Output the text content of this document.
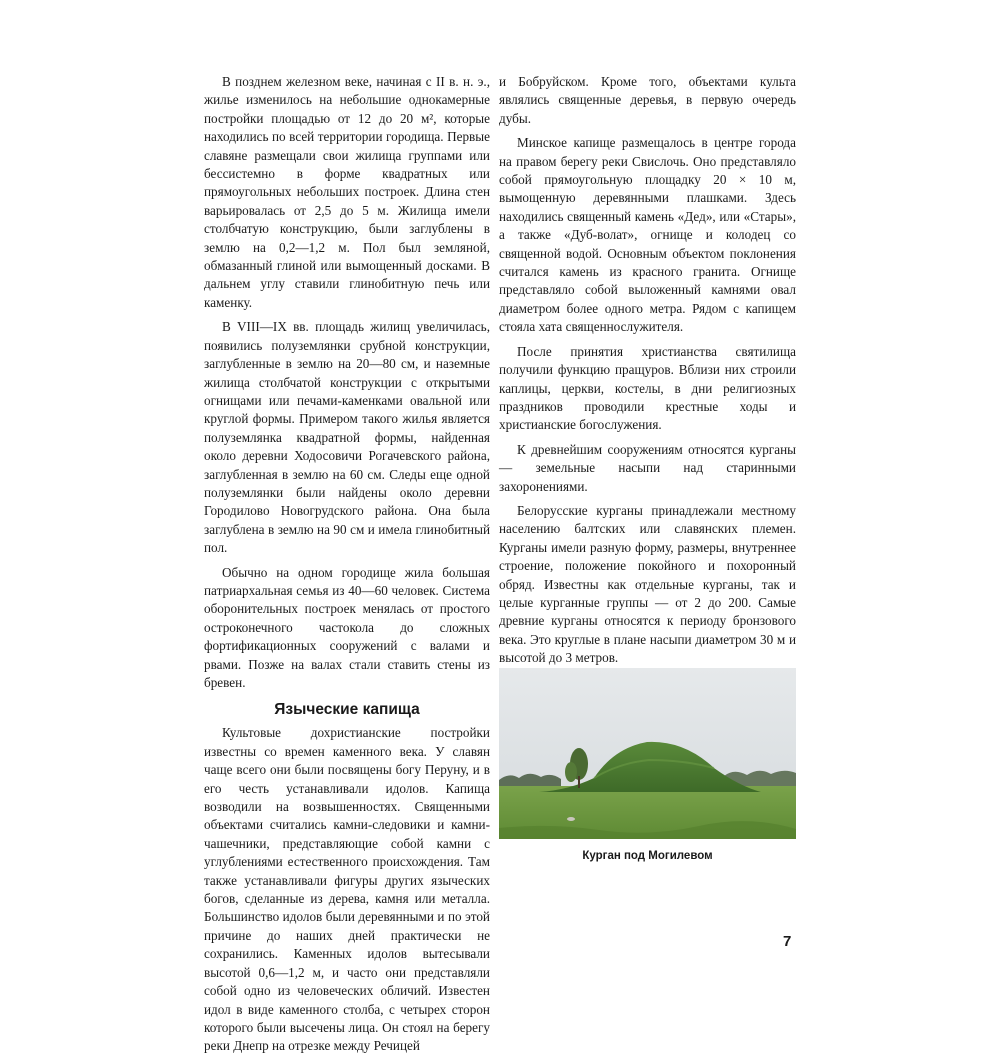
В позднем железном веке, начиная с II в. н. э., жилье изменилось на небольшие однокамерные постройки площадью от 12 до 20 м², которые находились по всей территории городища. Первые славяне размещали свои жилища группами или бессистемно в форме квадратных или прямоугольных небольших построек. Длина стен варьировалась от 2,5 до 5 м. Жилища имели столбчатую конструкцию, были заглублены в землю на 0,2—1,2 м. Пол был земляной, обмазанный глиной или вымощенный досками. В дальнем углу ставили глинобитную печь или каменку.

В VIII—IX вв. площадь жилищ увеличилась, появились полуземлянки срубной конструкции, заглубленные в землю на 20—80 см, и наземные жилища столбчатой конструкции с открытыми огнищами или печами-каменками овальной или круглой формы. Примером такого жилья является полуземлянка квадратной формы, найденная около деревни Ходосовичи Рогачевского района, заглубленная в землю на 60 см. Следы еще одной полуземлянки были найдены около деревни Городилово Новогрудского района. Она была заглублена в землю на 90 см и имела глинобитный пол.

Обычно на одном городище жила большая патриархальная семья из 40—60 человек. Система оборонительных построек менялась от простого остроконечного частокола до сложных фортификационных сооружений с валами и рвами. Позже на валах стали ставить стены из бревен.

Языческие капища

Культовые дохристианские постройки известны со времен каменного века. У славян чаще всего они были посвящены богу Перуну, и в его честь устанавливали идолов. Капища возводили на возвышенностях. Священными объектами считались камни-следовики и камни-чашечники, представляющие собой камни с углублениями естественного происхождения. Там также устанавливали фигуры других языческих богов, сделанные из дерева, камня или металла. Большинство идолов были деревянными и по этой причине до наших дней практически не сохранились. Каменных идолов вытесывали высотой 0,6—1,2 м, и часто они представляли собой одно из человеческих обличий. Известен идол в виде каменного столба, с четырех сторон которого были высечены лица. Он стоял на берегу реки Днепр на отрезке между Речицей

и Бобруйском. Кроме того, объектами культа являлись священные деревья, в первую очередь дубы.

Минское капище размещалось в центре города на правом берегу реки Свислочь. Оно представляло собой прямоугольную площадку 20 × 10 м, вымощенную деревянными плашками. Здесь находились священный камень «Дед», или «Стары», а также «Дуб-волат», огнище и колодец со священной водой. Основным объектом поклонения считался камень из красного гранита. Огнище представляло собой выложенный камнями овал диаметром более одного метра. Рядом с капищем стояла хата священнослужителя.

После принятия христианства святилища получили функцию пращуров. Вблизи них строили каплицы, церкви, костелы, в дни религиозных праздников проводили крестные ходы и христианские богослужения.

К древнейшим сооружениям относятся курганы — земельные насыпи над старинными захоронениями.

Белорусские курганы принадлежали местному населению балтских или славянских племен. Курганы имели разную форму, размеры, внутреннее строение, положение покойного и похоронный обряд. Известны как отдельные курганы, так и целые курганные группы — от 2 до 200. Самые древние курганы относятся к периоду бронзового века. Это круглые в плане насыпи диаметром 30 м и высотой до 3 метров.

Курган под Могилевом
7
